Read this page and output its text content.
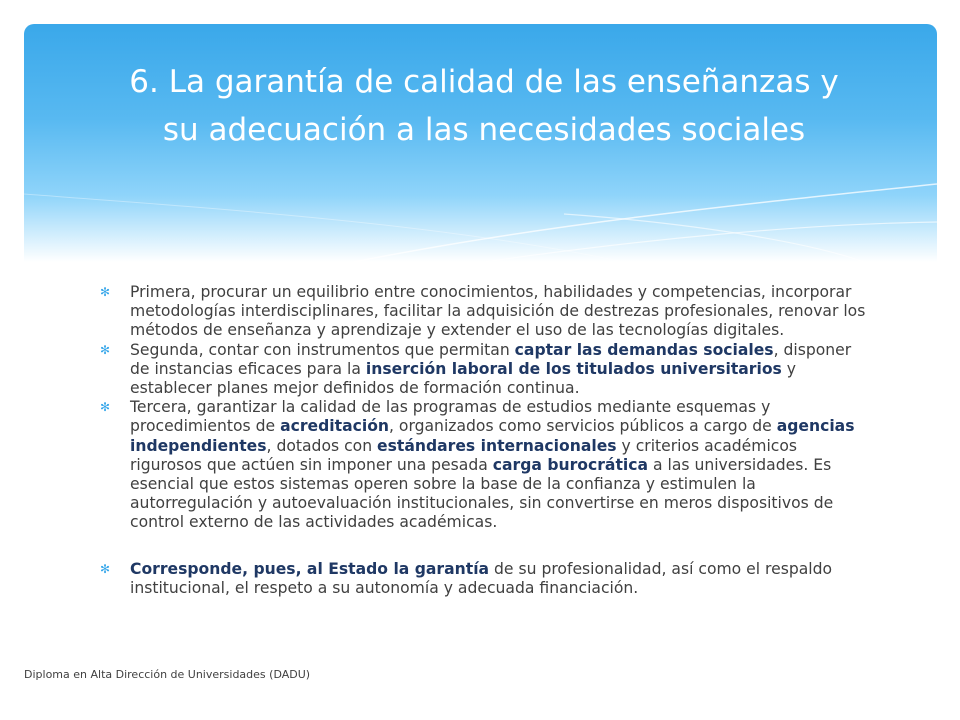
6. La garantía de calidad de las enseñanzas y
su adecuación a las necesidades sociales

✻ Primera, procurar un equilibrio entre conocimientos, habilidades y competencias, incorporar metodologías interdisciplinares, facilitar la adquisición de destrezas profesionales, renovar los métodos de enseñanza y aprendizaje y extender el uso de las tecnologías digitales.

✻ Segunda, contar con instrumentos que permitan captar las demandas sociales, disponer de instancias eficaces para la inserción laboral de los titulados universitarios y establecer planes mejor definidos de formación continua.

✻ Tercera, garantizar la calidad de las programas de estudios mediante esquemas y procedimientos de acreditación, organizados como servicios públicos a cargo de agencias independientes, dotados con estándares internacionales y criterios académicos rigurosos que actúen sin imponer una pesada carga burocrática a las universidades. Es esencial que estos sistemas operen sobre la base de la confianza y estimulen la autorregulación y autoevaluación institucionales, sin convertirse en meros dispositivos de control externo de las actividades académicas.

✻ Corresponde, pues, al Estado la garantía de su profesionalidad, así como el respaldo institucional, el respeto a su autonomía y adecuada financiación.

Diploma en Alta Dirección de Universidades (DADU)
